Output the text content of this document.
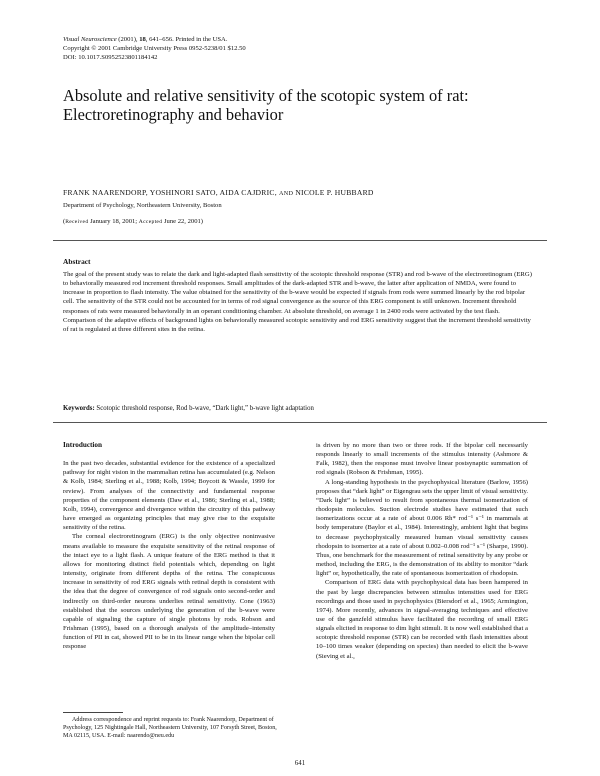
Visual Neuroscience (2001), 18, 641–656. Printed in the USA.
Copyright © 2001 Cambridge University Press 0952-5238/01 $12.50
DOI: 10.1017.S0952523801184142
Absolute and relative sensitivity of the scotopic system of rat: Electroretinography and behavior
FRANK NAARENDORP, YOSHINORI SATO, AIDA CAJDRIC, AND NICOLE P. HUBBARD
Department of Psychology, Northeastern University, Boston
(Received January 18, 2001; Accepted June 22, 2001)
Abstract
The goal of the present study was to relate the dark and light-adapted flash sensitivity of the scotopic threshold response (STR) and rod b-wave of the electroretinogram (ERG) to behaviorally measured rod increment threshold responses. Small amplitudes of the dark-adapted STR and b-wave, the latter after application of NMDA, were found to increase in proportion to flash intensity. The value obtained for the sensitivity of the b-wave would be expected if signals from rods were summed linearly by the rod bipolar cell. The sensitivity of the STR could not be accounted for in terms of rod signal convergence as the source of this ERG component is still unknown. Increment threshold responses of rats were measured behaviorally in an operant conditioning chamber. At absolute threshold, on average 1 in 2400 rods were activated by the test flash. Comparison of the adaptive effects of background lights on behaviorally measured scotopic sensitivity and rod ERG sensitivity suggest that the increment threshold sensitivity of rat is regulated at three different sites in the retina.
Keywords: Scotopic threshold response, Rod b-wave, “Dark light,” b-wave light adaptation
Introduction

In the past two decades, substantial evidence for the existence of a specialized pathway for night vision in the mammalian retina has accumulated (e.g. Nelson & Kolb, 1984; Sterling et al., 1988; Kolb, 1994; Boycott & Wassle, 1999 for review). From analyses of the connectivity and fundamental response properties of the component elements (Daw et al., 1986; Sterling et al., 1988; Kolb, 1994), convergence and divergence within the circuitry of this pathway have emerged as organizing principles that may give rise to the exquisite sensitivity of the retina.

The corneal electroretinogram (ERG) is the only objective noninvasive means available to measure the exquisite sensitivity of the retinal response of the intact eye to a light flash. A unique feature of the ERG method is that it allows for monitoring distinct field potentials which, depending on light intensity, originate from different depths of the retina. The conspicuous increase in sensitivity of rod ERG signals with retinal depth is consistent with the idea that the degree of convergence of rod signals onto second-order and indirectly on third-order neurons underlies retinal sensitivity. Cone (1963) established that the sources underlying the generation of the b-wave were capable of signaling the capture of single photons by rods. Robson and Frishman (1995), based on a thorough analysis of the amplitude–intensity function of PII in cat, showed PII to be in its linear range when the bipolar cell response

is driven by no more than two or three rods. If the bipolar cell necessarily responds linearly to small increments of the stimulus intensity (Ashmore & Falk, 1982), then the response must involve linear postsynaptic summation of rod signals (Robson & Frishman, 1995).

A long-standing hypothesis in the psychophysical literature (Barlow, 1956) proposes that “dark light” or Eigengrau sets the upper limit of visual sensitivity. “Dark light” is believed to result from spontaneous thermal isomerization of rhodopsin molecules. Suction electrode studies have estimated that such isomerizations occur at a rate of about 0.006 Rh* rod⁻¹ s⁻¹ in mammals at body temperature (Baylor et al., 1984). Interestingly, ambient light that begins to decrease psychophysically measured human visual sensitivity causes rhodopsin to isomerize at a rate of about 0.002–0.008 rod⁻¹ s⁻¹ (Sharpe, 1990). Thus, one benchmark for the measurement of retinal sensitivity by any probe or method, including the ERG, is the demonstration of its ability to monitor “dark light” or, hypothetically, the rate of spontaneous isomerization of rhodopsin.

Comparison of ERG data with psychophysical data has been hampered in the past by large discrepancies between stimulus intensities used for ERG recordings and those used in psychophysics (Biersdorf et al., 1965; Armington, 1974). More recently, advances in signal-averaging techniques and effective use of the ganzfeld stimulus have facilitated the recording of small ERG signals elicited in response to dim light stimuli. It is now well established that a scotopic threshold response (STR) can be recorded with flash intensities about 10–100 times weaker (depending on species) than needed to elicit the b-wave (Sieving et al.,

Address correspondence and reprint requests to: Frank Naarendorp, Department of Psychology, 125 Nightingale Hall, Northeastern University, 107 Forsyth Street, Boston, MA 02115, USA. E-mail: naarendo@neu.edu
641
